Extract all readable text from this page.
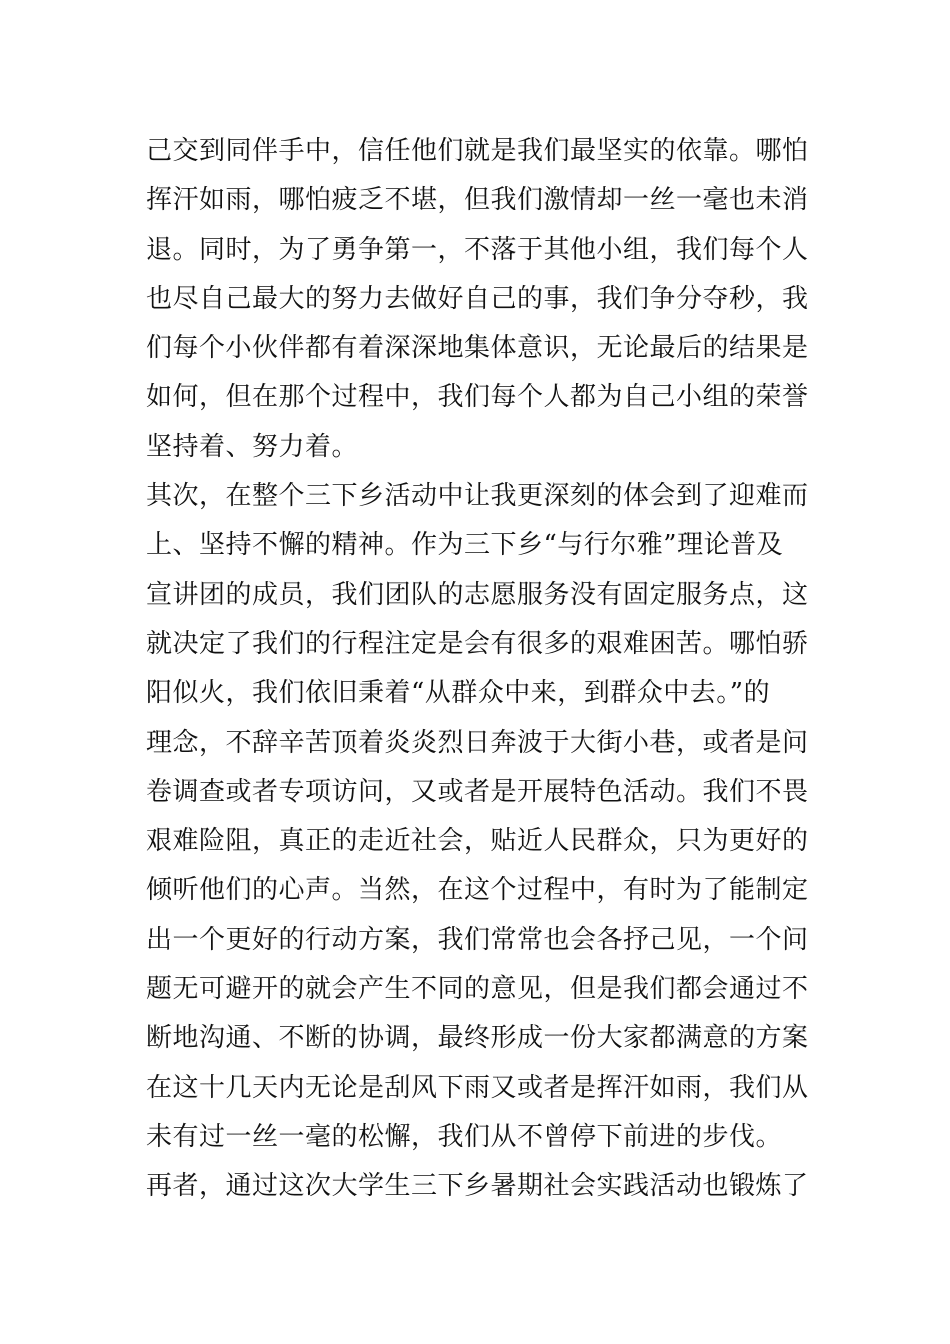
己交到同伴手中，信任他们就是我们最坚实的依靠。哪怕
挥汗如雨，哪怕疲乏不堪，但我们激情却一丝一毫也未消
退。同时，为了勇争第一，不落于其他小组，我们每个人
也尽自己最大的努力去做好自己的事，我们争分夺秒，我
们每个小伙伴都有着深深地集体意识，无论最后的结果是
如何，但在那个过程中，我们每个人都为自己小组的荣誉
坚持着、努力着。
其次，在整个三下乡活动中让我更深刻的体会到了迎难而
上、坚持不懈的精神。作为三下乡“与行尔雅”理论普及
宣讲团的成员，我们团队的志愿服务没有固定服务点，这
就决定了我们的行程注定是会有很多的艰难困苦。哪怕骄
阳似火，我们依旧秉着“从群众中来，到群众中去。”的
理念，不辞辛苦顶着炎炎烈日奔波于大街小巷，或者是问
卷调查或者专项访问，又或者是开展特色活动。我们不畏
艰难险阻，真正的走近社会，贴近人民群众，只为更好的
倾听他们的心声。当然，在这个过程中，有时为了能制定
出一个更好的行动方案，我们常常也会各抒己见，一个问
题无可避开的就会产生不同的意见，但是我们都会通过不
断地沟通、不断的协调，最终形成一份大家都满意的方案
在这十几天内无论是刮风下雨又或者是挥汗如雨，我们从
未有过一丝一毫的松懈，我们从不曾停下前进的步伐。
再者，通过这次大学生三下乡暑期社会实践活动也锻炼了
